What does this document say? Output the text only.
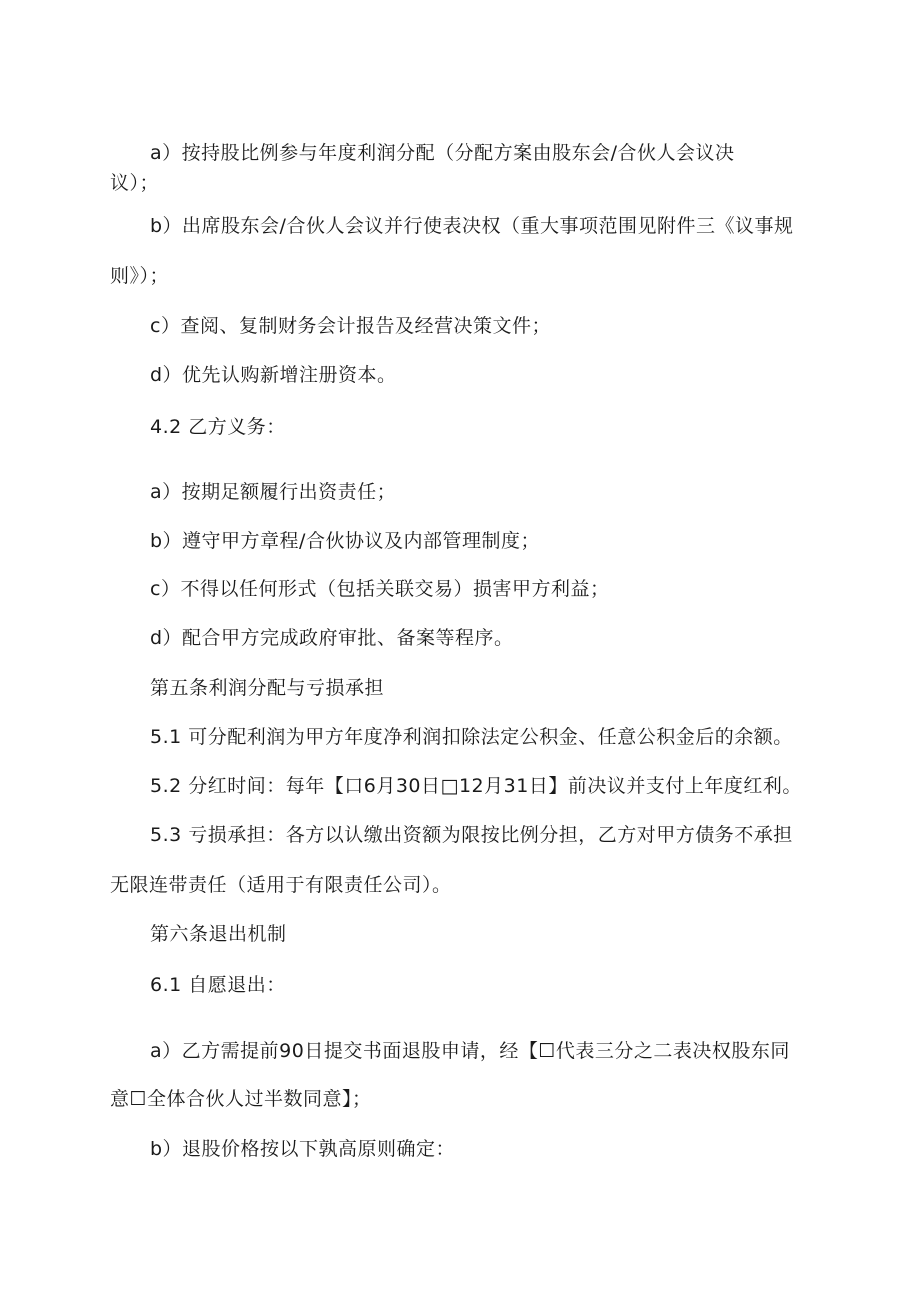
a）按持股比例参与年度利润分配（分配方案由股东会/合伙人会议决

议）；

b）出席股东会/合伙人会议并行使表决权（重大事项范围见附件三《议事规

则》）；

c）查阅、复制财务会计报告及经营决策文件；

d）优先认购新增注册资本。

4.2 乙方义务：

a）按期足额履行出资责任；

b）遵守甲方章程/合伙协议及内部管理制度；

c）不得以任何形式（包括关联交易）损害甲方利益；

d）配合甲方完成政府审批、备案等程序。

第五条利润分配与亏损承担

5.1 可分配利润为甲方年度净利润扣除法定公积金、任意公积金后的余额。

5.2 分红时间：每年【口6月30日□12月31日】前决议并支付上年度红利。

5.3 亏损承担：各方以认缴出资额为限按比例分担，乙方对甲方债务不承担

无限连带责任（适用于有限责任公司）。

第六条退出机制

6.1 自愿退出：

a）乙方需提前90日提交书面退股申请，经【☐代表三分之二表决权股东同

意☐全体合伙人过半数同意】；

b）退股价格按以下孰高原则确定：
